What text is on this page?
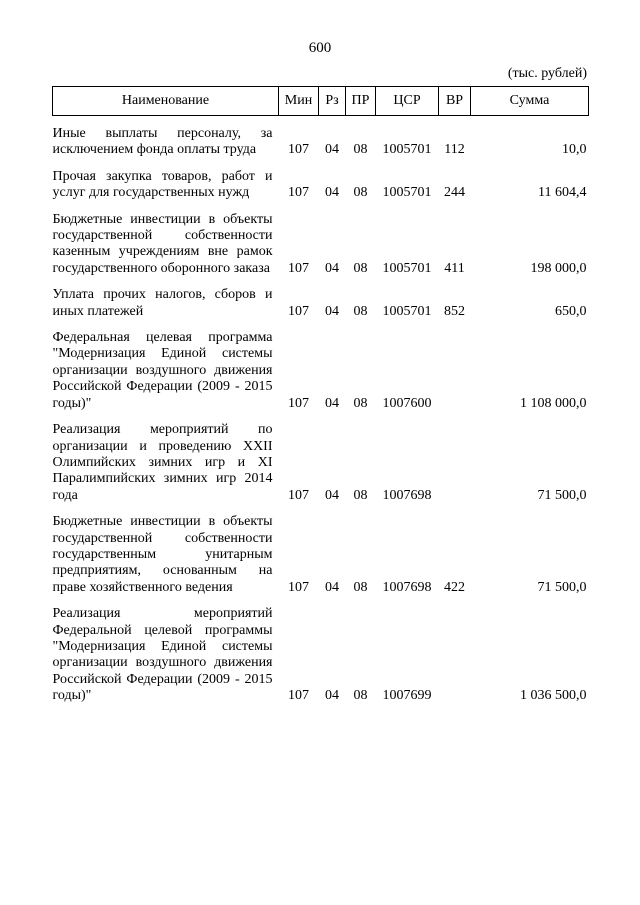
600
(тыс. рублей)
Наименование	Мин	Рз	ПР	ЦСР	ВР	Сумма
Иные выплаты персоналу, за исключением фонда оплаты труда	107	04	08	1005701	112	10,0
Прочая закупка товаров, работ и услуг для государственных нужд	107	04	08	1005701	244	11 604,4
Бюджетные инвестиции в объекты государственной собственности казенным учреждениям вне рамок государственного оборонного заказа	107	04	08	1005701	411	198 000,0
Уплата прочих налогов, сборов и иных платежей	107	04	08	1005701	852	650,0
Федеральная целевая программа "Модернизация Единой системы организации воздушного движения Российской Федерации (2009 - 2015 годы)"	107	04	08	1007600		1 108 000,0
Реализация мероприятий по организации и проведению XXII Олимпийских зимних игр и XI Паралимпийских зимних игр 2014 года	107	04	08	1007698		71 500,0
Бюджетные инвестиции в объекты государственной собственности государственным унитарным предприятиям, основанным на праве хозяйственного ведения	107	04	08	1007698	422	71 500,0
Реализация мероприятий Федеральной целевой программы "Модернизация Единой системы организации воздушного движения Российской Федерации (2009 - 2015 годы)"	107	04	08	1007699		1 036 500,0
